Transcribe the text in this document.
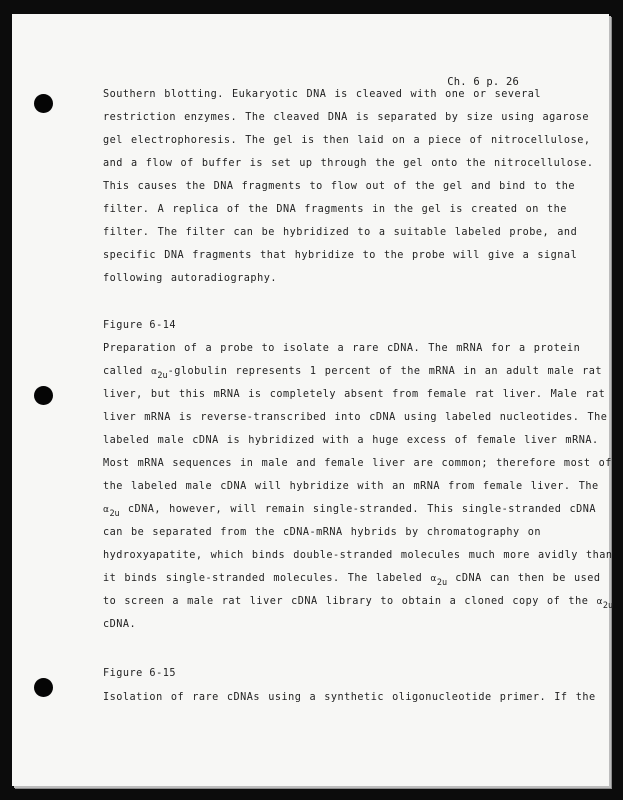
Ch. 6 p. 26
Southern blotting. Eukaryotic DNA is cleaved with one or several
restriction enzymes. The cleaved DNA is separated by size using agarose
gel electrophoresis. The gel is then laid on a piece of nitrocellulose,
and a flow of buffer is set up through the gel onto the nitrocellulose.
This causes the DNA fragments to flow out of the gel and bind to the
filter. A replica of the DNA fragments in the gel is created on the
filter. The filter can be hybridized to a suitable labeled probe, and
specific DNA fragments that hybridize to the probe will give a signal
following autoradiography.
Figure 6-14
Preparation of a probe to isolate a rare cDNA. The mRNA for a protein
called $\alpha_{2u}$-globulin represents 1 percent of the mRNA in an adult male rat
liver, but this mRNA is completely absent from female rat liver. Male rat
liver mRNA is reverse-transcribed into cDNA using labeled nucleotides. The
labeled male cDNA is hybridized with a huge excess of female liver mRNA.
Most mRNA sequences in male and female liver are common; therefore most of
the labeled male cDNA will hybridize with an mRNA from female liver. The
$\alpha_{2u}$ cDNA, however, will remain single-stranded. This single-stranded cDNA
can be separated from the cDNA-mRNA hybrids by chromatography on
hydroxyapatite, which binds double-stranded molecules much more avidly than
it binds single-stranded molecules. The labeled $\alpha_{2u}$ cDNA can then be used
to screen a male rat liver cDNA library to obtain a cloned copy of the $\alpha_{2u}$
cDNA.
Figure 6-15
Isolation of rare cDNAs using a synthetic oligonucleotide primer. If the
